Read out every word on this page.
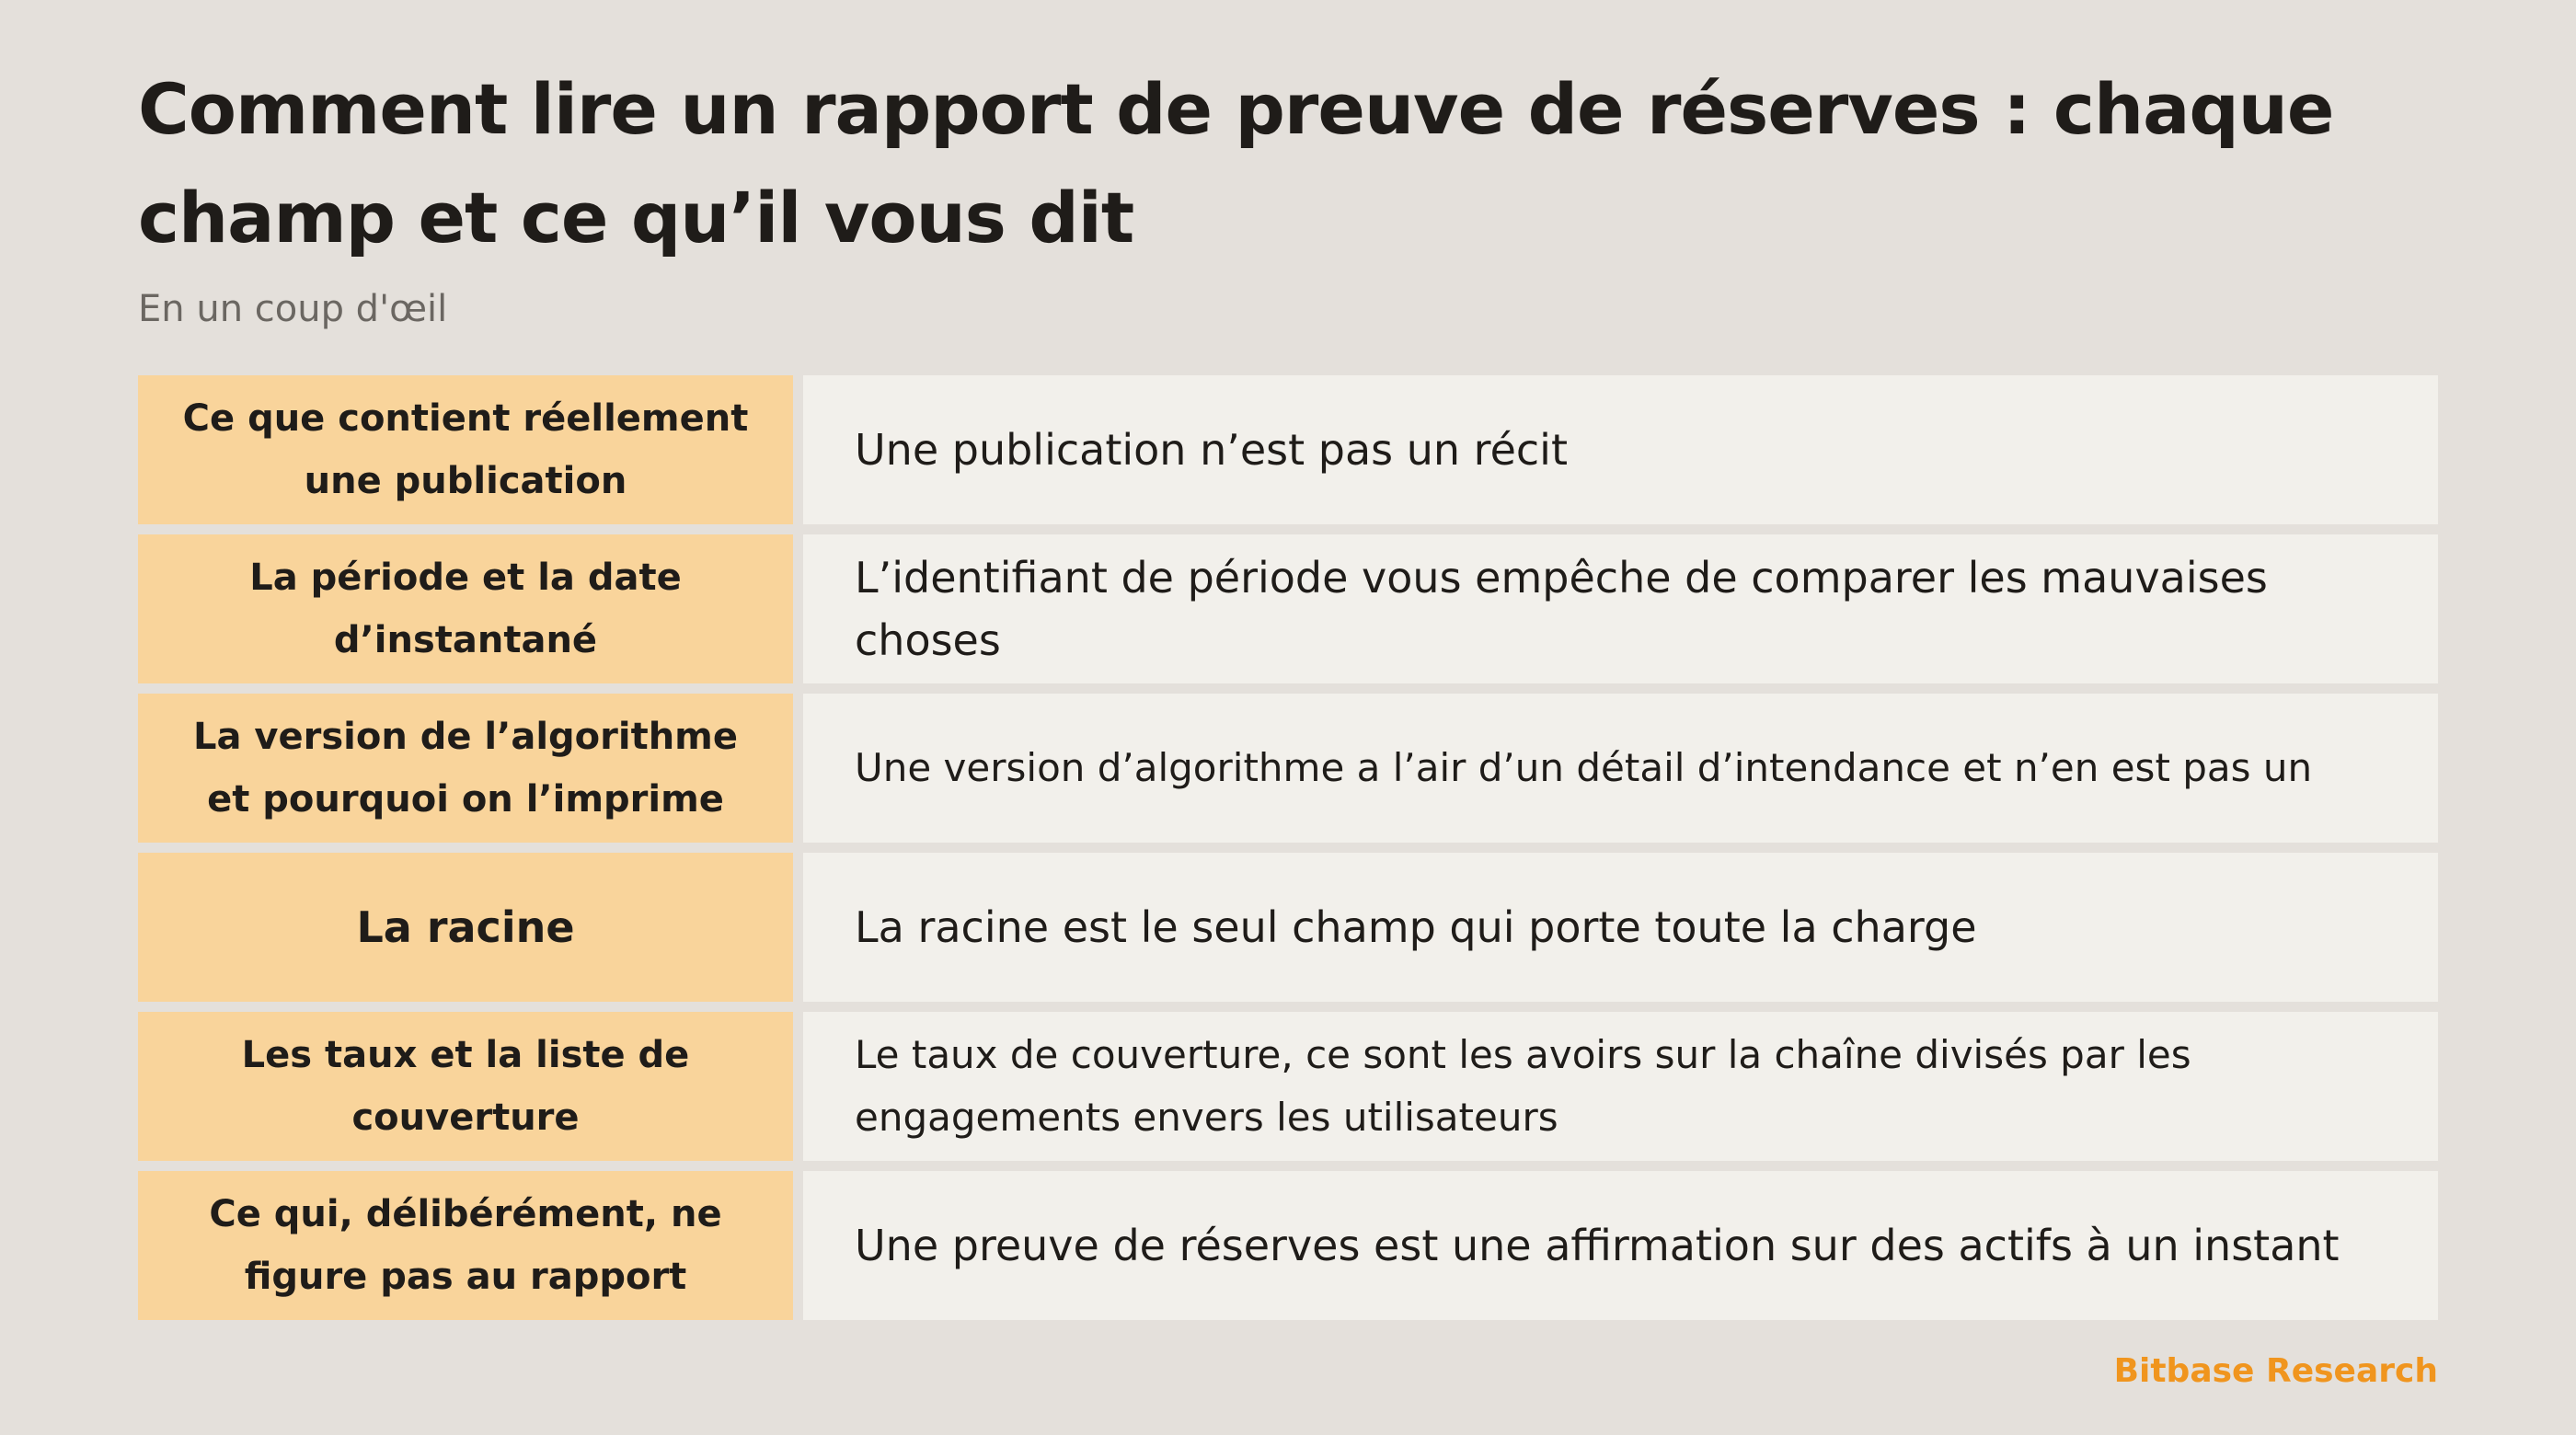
Comment lire un rapport de preuve de réserves : chaque champ et ce qu’il vous dit

En un coup d'œil

Ce que contient réellement une publication
Une publication n’est pas un récit
La période et la date d’instantané
L’identifiant de période vous empêche de comparer les mauvaises choses
La version de l’algorithme et pourquoi on l’imprime
Une version d’algorithme a l’air d’un détail d’intendance et n’en est pas un
La racine	La racine est le seul champ qui porte toute la charge
Les taux et la liste de couverture
Le taux de couverture, ce sont les avoirs sur la chaîne divisés par les engagements envers les utilisateurs
Ce qui, délibérément, ne figure pas au rapport
Une preuve de réserves est une affirmation sur des actifs à un instant

Bitbase Research
